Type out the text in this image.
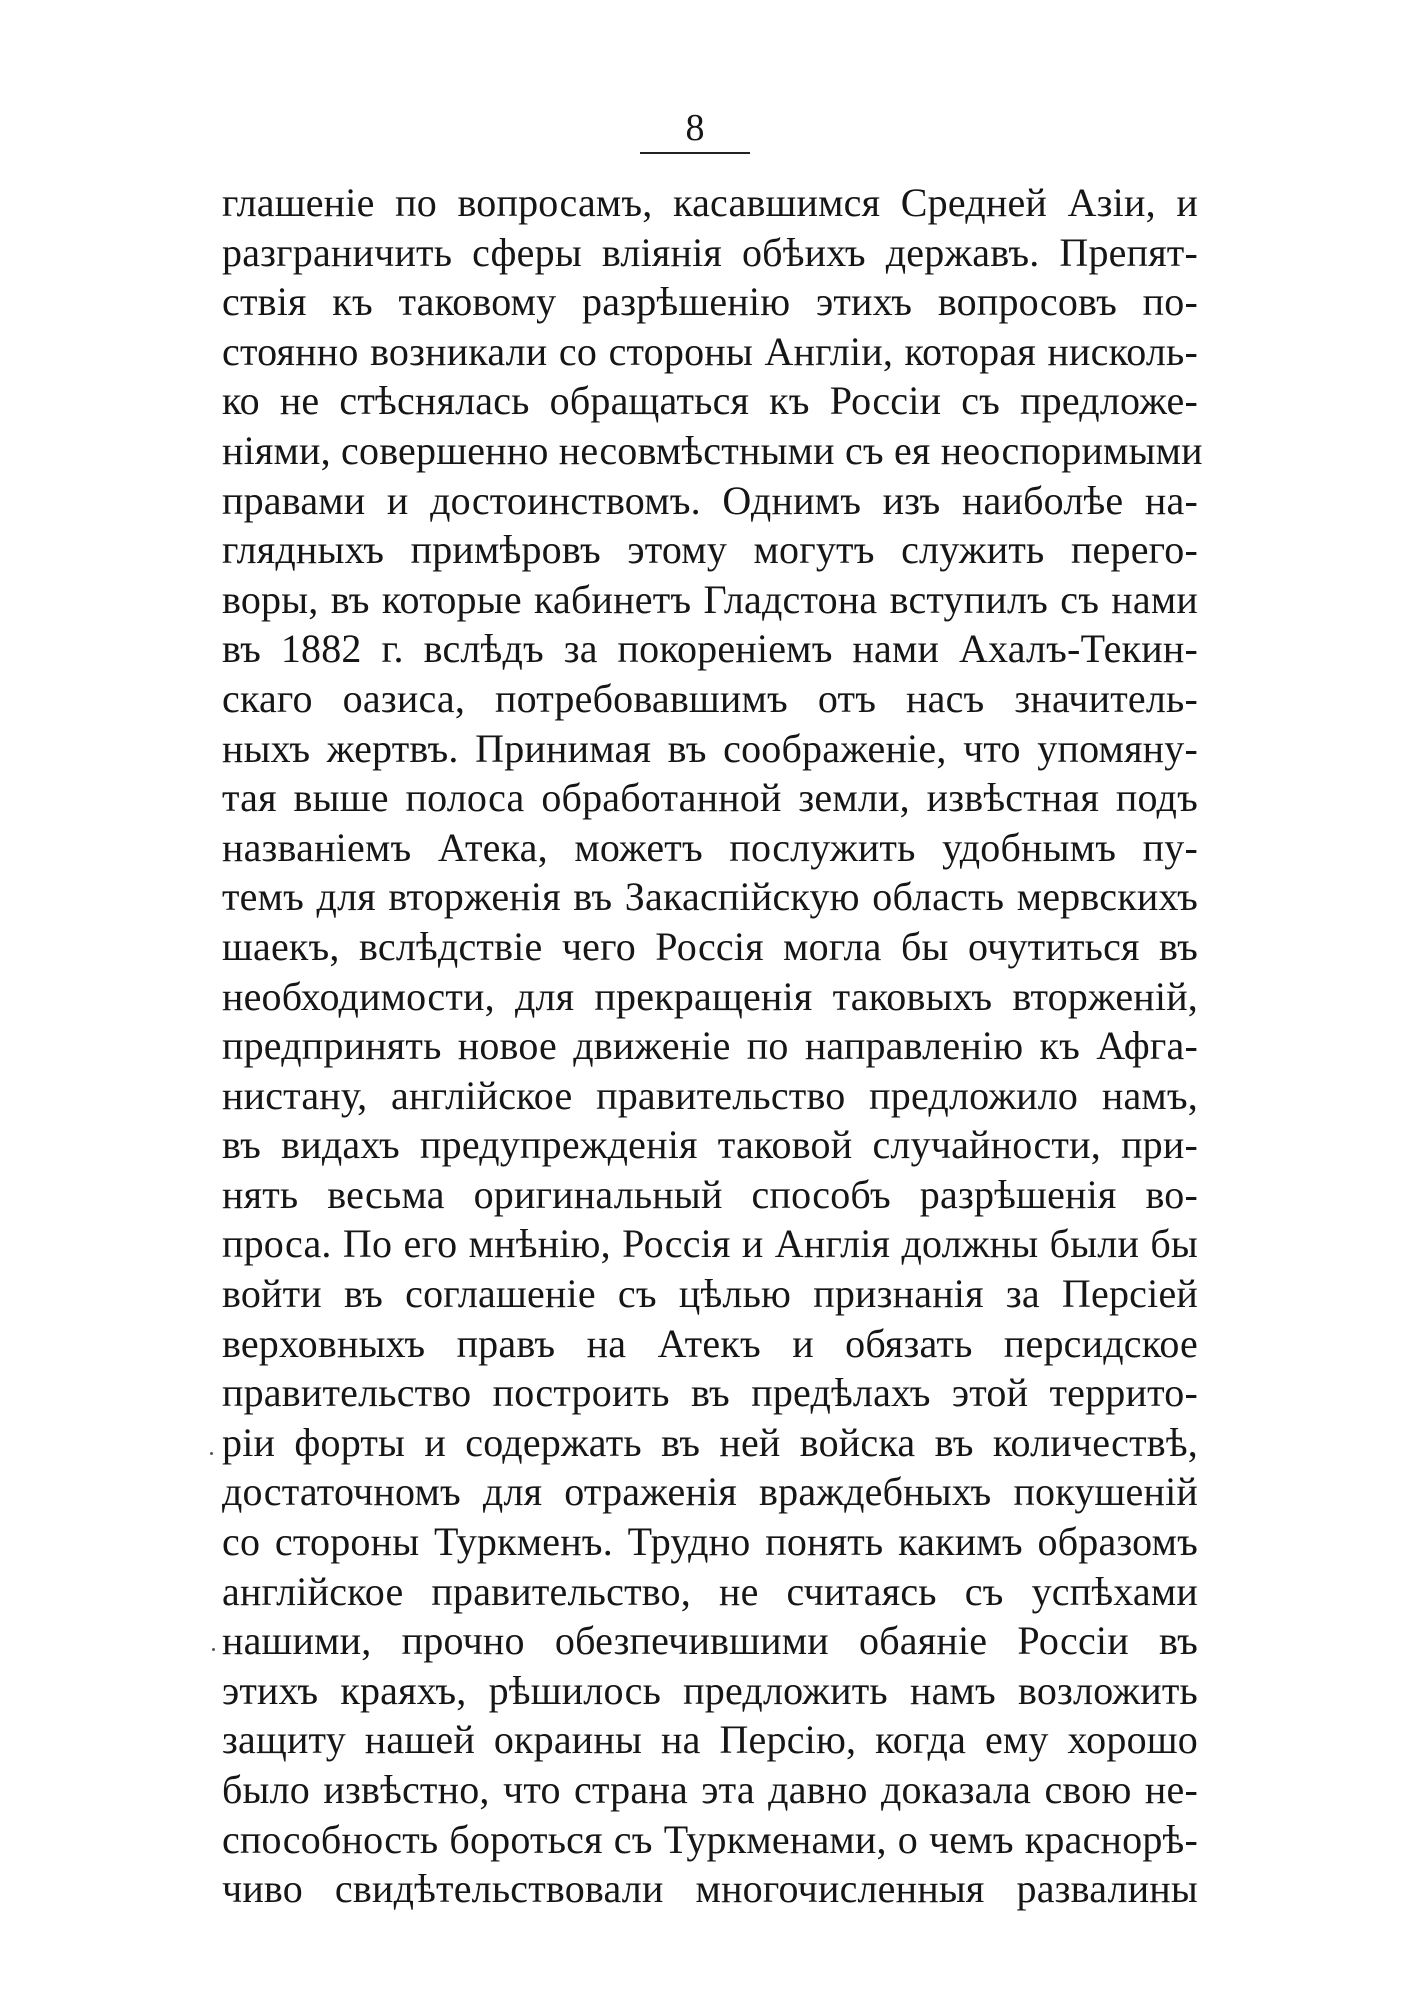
8
глашеніе по вопросамъ, касавшимся Средней Азіи, и
разграничить сферы вліянія обѣихъ державъ. Препят-
ствія къ таковому разрѣшенію этихъ вопросовъ по-
стоянно возникали со стороны Англіи, которая нисколь-
ко не стѣснялась обращаться къ Россіи съ предложе-
ніями, совершенно несовмѣстными съ ея неоспоримыми
правами и достоинствомъ. Однимъ изъ наиболѣе на-
глядныхъ примѣровъ этому могутъ служить перего-
воры, въ которые кабинетъ Гладстона вступилъ съ нами
въ 1882 г. вслѣдъ за покореніемъ нами Ахалъ-Текин-
скаго оазиса, потребовавшимъ отъ насъ значитель-
ныхъ жертвъ. Принимая въ соображеніе, что упомяну-
тая выше полоса обработанной земли, извѣстная подъ
названіемъ Атека, можетъ послужить удобнымъ пу-
темъ для вторженія въ Закаспійскую область мервскихъ
шаекъ, вслѣдствіе чего Россія могла бы очутиться въ
необходимости, для прекращенія таковыхъ вторженій,
предпринять новое движеніе по направленію къ Афга-
нистану, англійское правительство предложило намъ,
въ видахъ предупрежденія таковой случайности, при-
нять весьма оригинальный способъ разрѣшенія во-
проса. По его мнѣнію, Россія и Англія должны были бы
войти въ соглашеніе съ цѣлью признанія за Персіей
верховныхъ правъ на Атекъ и обязать персидское
правительство построить въ предѣлахъ этой террито-
ріи форты и содержать въ ней войска въ количествѣ,
достаточномъ для отраженія враждебныхъ покушеній
со стороны Туркменъ. Трудно понять какимъ образомъ
англійское правительство, не считаясь съ успѣхами
нашими, прочно обезпечившими обаяніе Россіи въ
этихъ краяхъ, рѣшилось предложить намъ возложить
защиту нашей окраины на Персію, когда ему хорошо
было извѣстно, что страна эта давно доказала свою не-
способность бороться съ Туркменами, о чемъ краснорѣ-
чиво свидѣтельствовали многочисленныя развалины
